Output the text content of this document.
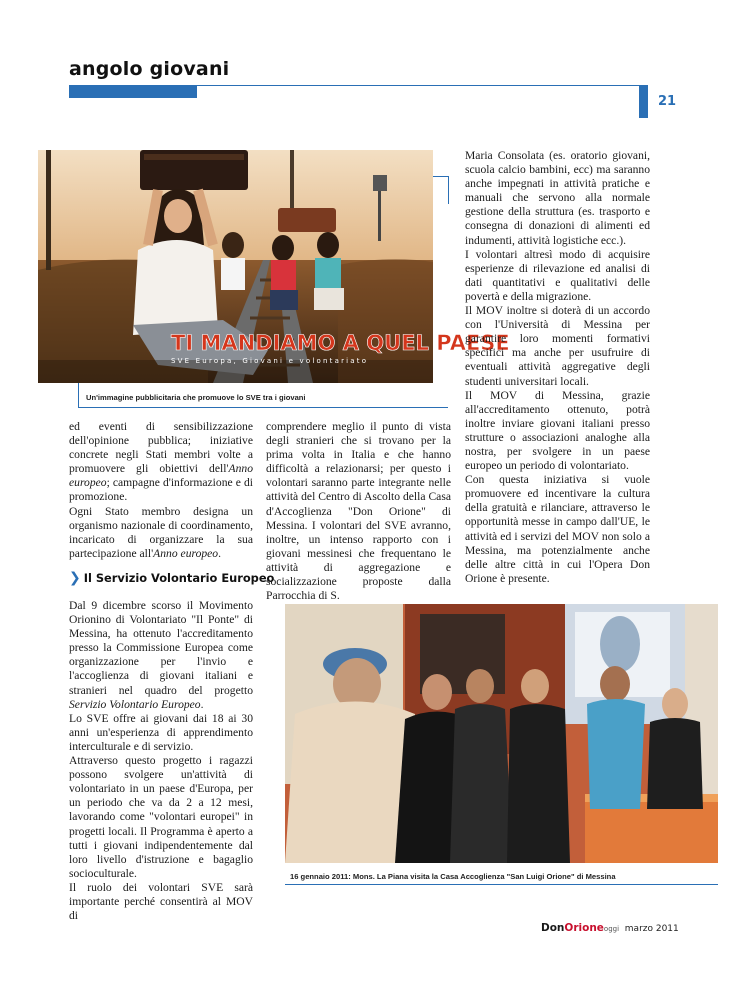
angolo giovani
21
TI MANDIAMO A QUEL PAESE
SVE Europa, Giovani e volontariato
Un'immagine pubblicitaria che promuove lo SVE tra i giovani

ed eventi di sensibilizzazione dell'opinione pubblica; iniziative concrete negli Stati membri volte a promuovere gli obiettivi dell'Anno europeo; campagne d'informazione e di promozione.

Ogni Stato membro designa un organismo nazionale di coordinamento, incaricato di organizzare la sua partecipazione all'Anno europeo.

❯ Il Servizio Volontario Europeo

Dal 9 dicembre scorso il Movimento Orionino di Volontariato "Il Ponte" di Messina, ha ottenuto l'accreditamento presso la Commissione Europea come organizzazione per l'invio e l'accoglienza di giovani italiani e stranieri nel quadro del progetto Servizio Volontario Europeo.

Lo SVE offre ai giovani dai 18 ai 30 anni un'esperienza di apprendimento interculturale e di servizio.

Attraverso questo progetto i ragazzi possono svolgere un'attività di volontariato in un paese d'Europa, per un periodo che va da 2 a 12 mesi, lavorando come "volontari europei" in progetti locali. Il Programma è aperto a tutti i giovani indipendentemente dal loro livello d'istruzione e bagaglio socioculturale.

Il ruolo dei volontari SVE sarà importante perché consentirà al MOV di

comprendere meglio il punto di vista degli stranieri che si trovano per la prima volta in Italia e che hanno difficoltà a relazionarsi; per questo i volontari saranno parte integrante nelle attività del Centro di Ascolto della Casa d'Accoglienza "Don Orione" di Messina. I volontari del SVE avranno, inoltre, un intenso rapporto con i giovani messinesi che frequentano le attività di aggregazione e socializzazione proposte dalla Parrocchia di S.

Maria Consolata (es. oratorio giovani, scuola calcio bambini, ecc) ma saranno anche impegnati in attività pratiche e manuali che servono alla normale gestione della struttura (es. trasporto e consegna di donazioni di alimenti ed indumenti, attività logistiche ecc.).

I volontari altresì modo di acquisire esperienze di rilevazione ed analisi di dati quantitativi e qualitativi delle povertà e della migrazione.

Il MOV inoltre si doterà di un accordo con l'Università di Messina per garantire loro momenti formativi specifici ma anche per usufruire di eventuali attività aggregative degli studenti universitari locali.

Il MOV di Messina, grazie all'accreditamento ottenuto, potrà inoltre inviare giovani italiani presso strutture o associazioni analoghe alla nostra, per svolgere in un paese europeo un periodo di volontariato.

Con questa iniziativa si vuole promuovere ed incentivare la cultura della gratuità e rilanciare, attraverso le opportunità messe in campo dall'UE, le attività ed i servizi del MOV non solo a Messina, ma potenzialmente anche delle altre città in cui l'Opera Don Orione è presente.

16 gennaio 2011: Mons. La Piana visita la Casa Accoglienza "San Luigi Orione" di Messina
DonOrioneoggi marzo 2011
